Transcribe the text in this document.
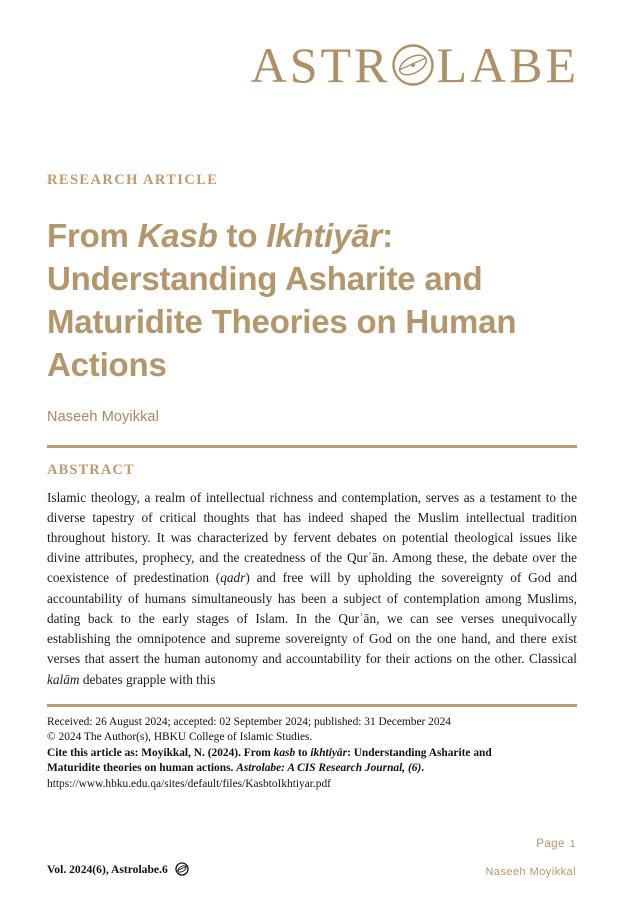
ASTR LABE
RESEARCH ARTICLE
From Kasb to Ikhtiyār: Understanding Asharite and Maturidite Theories on Human Actions
Naseeh Moyikkal
ABSTRACT
Islamic theology, a realm of intellectual richness and contemplation, serves as a testament to the diverse tapestry of critical thoughts that has indeed shaped the Muslim intellectual tradition throughout history. It was characterized by fervent debates on potential theological issues like divine attributes, prophecy, and the createdness of the Qurʾān. Among these, the debate over the coexistence of predestination (qadr) and free will by upholding the sovereignty of God and accountability of humans simultaneously has been a subject of contemplation among Muslims, dating back to the early stages of Islam. In the Qurʾān, we can see verses unequivocally establishing the omnipotence and supreme sovereignty of God on the one hand, and there exist verses that assert the human autonomy and accountability for their actions on the other. Classical kalām debates grapple with this
Received: 26 August 2024; accepted: 02 September 2024; published: 31 December 2024
© 2024 The Author(s), HBKU College of Islamic Studies.
Cite this article as: Moyikkal, N. (2024). From kasb to ikhtiyār: Understanding Asharite and Maturidite theories on human actions. Astrolabe: A CIS Research Journal, (6).
https://www.hbku.edu.qa/sites/default/files/KasbtoIkhtiyar.pdf
Page 1
Naseeh Moyikkal
Vol. 2024(6), Astrolabe.6
